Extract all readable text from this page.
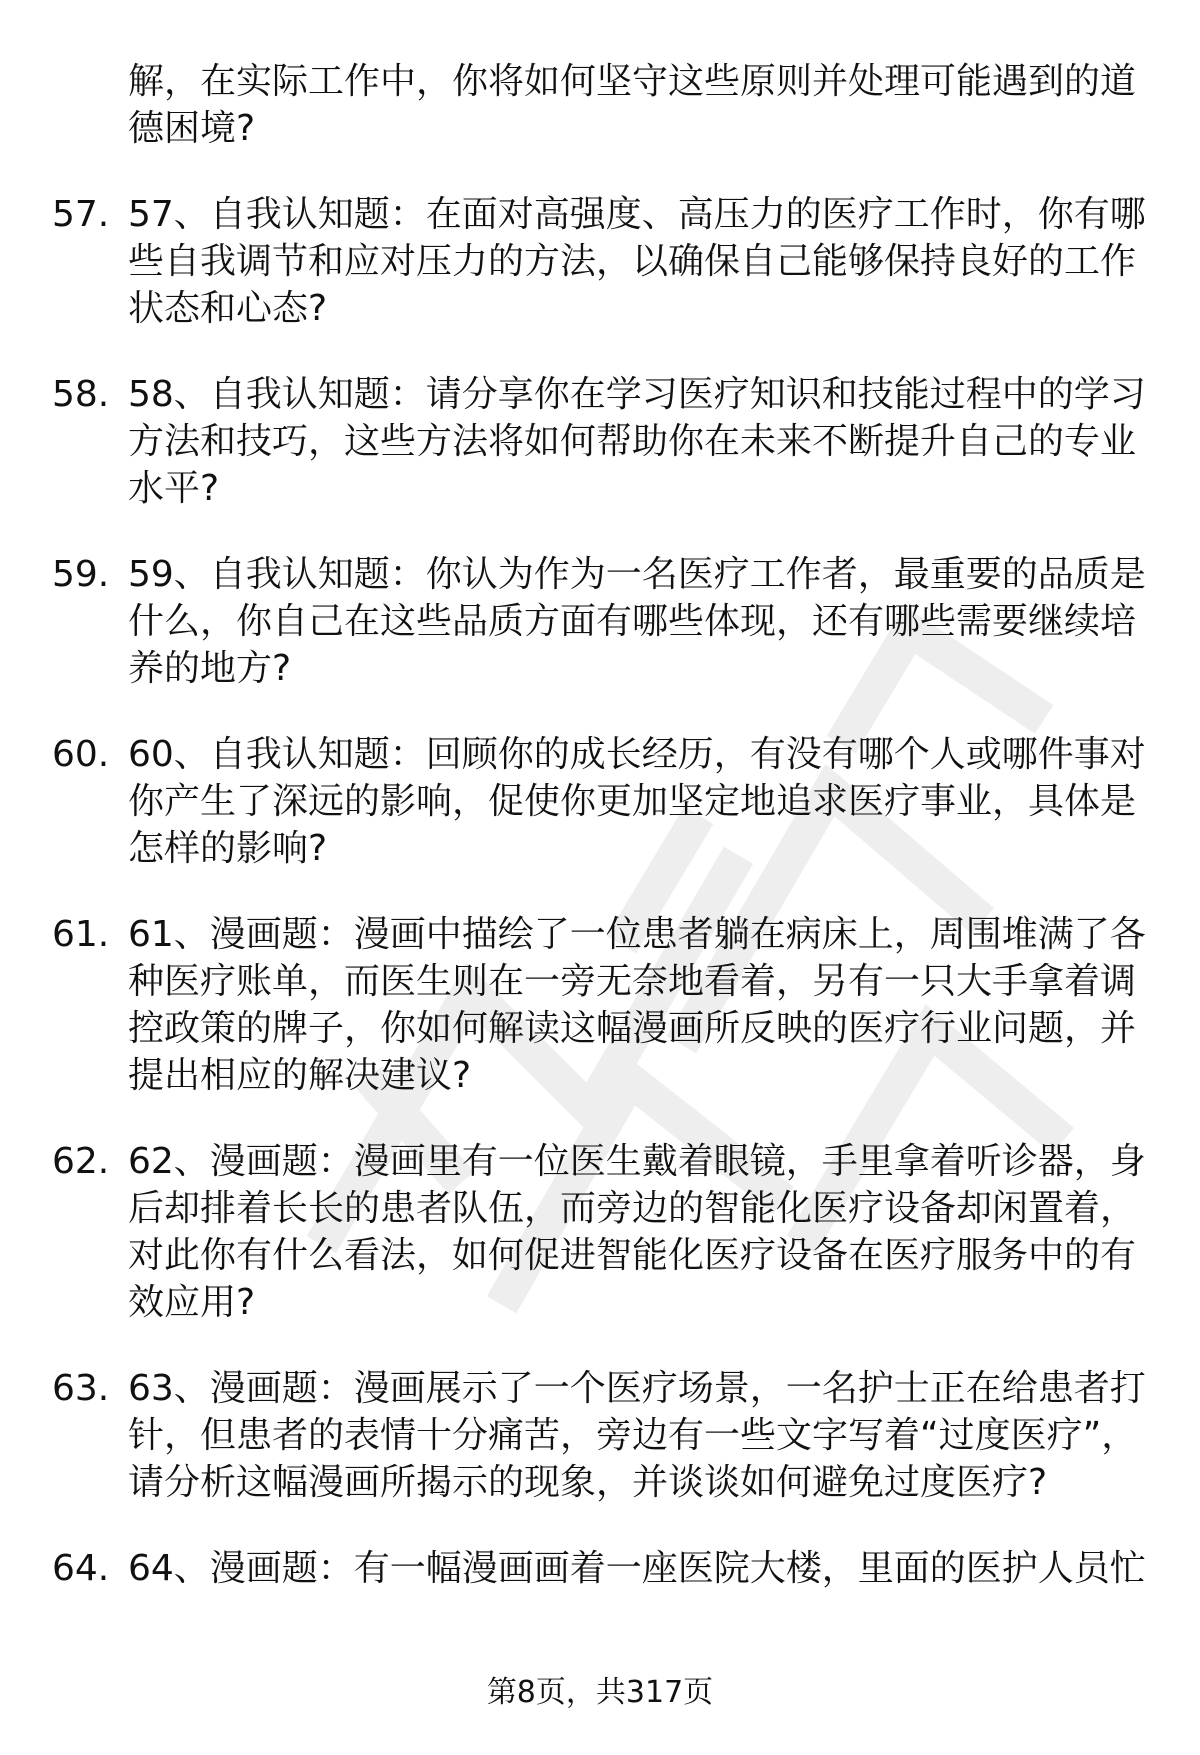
解，在实际工作中，你将如何坚守这些原则并处理可能遇到的道德困境?
57. 57、自我认知题：在面对高强度、高压力的医疗工作时，你有哪些自我调节和应对压力的方法，以确保自己能够保持良好的工作状态和心态?
58. 58、自我认知题：请分享你在学习医疗知识和技能过程中的学习方法和技巧，这些方法将如何帮助你在未来不断提升自己的专业水平?
59. 59、自我认知题：你认为作为一名医疗工作者，最重要的品质是什么，你自己在这些品质方面有哪些体现，还有哪些需要继续培养的地方?
60. 60、自我认知题：回顾你的成长经历，有没有哪个人或哪件事对你产生了深远的影响，促使你更加坚定地追求医疗事业，具体是怎样的影响?
61. 61、漫画题：漫画中描绘了一位患者躺在病床上，周围堆满了各种医疗账单，而医生则在一旁无奈地看着，另有一只大手拿着调控政策的牌子，你如何解读这幅漫画所反映的医疗行业问题，并提出相应的解决建议?
62. 62、漫画题：漫画里有一位医生戴着眼镜，手里拿着听诊器，身后却排着长长的患者队伍，而旁边的智能化医疗设备却闲置着，对此你有什么看法，如何促进智能化医疗设备在医疗服务中的有效应用?
63. 63、漫画题：漫画展示了一个医疗场景，一名护士正在给患者打针，但患者的表情十分痛苦，旁边有一些文字写着“过度医疗”，请分析这幅漫画所揭示的现象，并谈谈如何避免过度医疗?
64. 64、漫画题：有一幅漫画画着一座医院大楼，里面的医护人员忙
第8页，共317页
